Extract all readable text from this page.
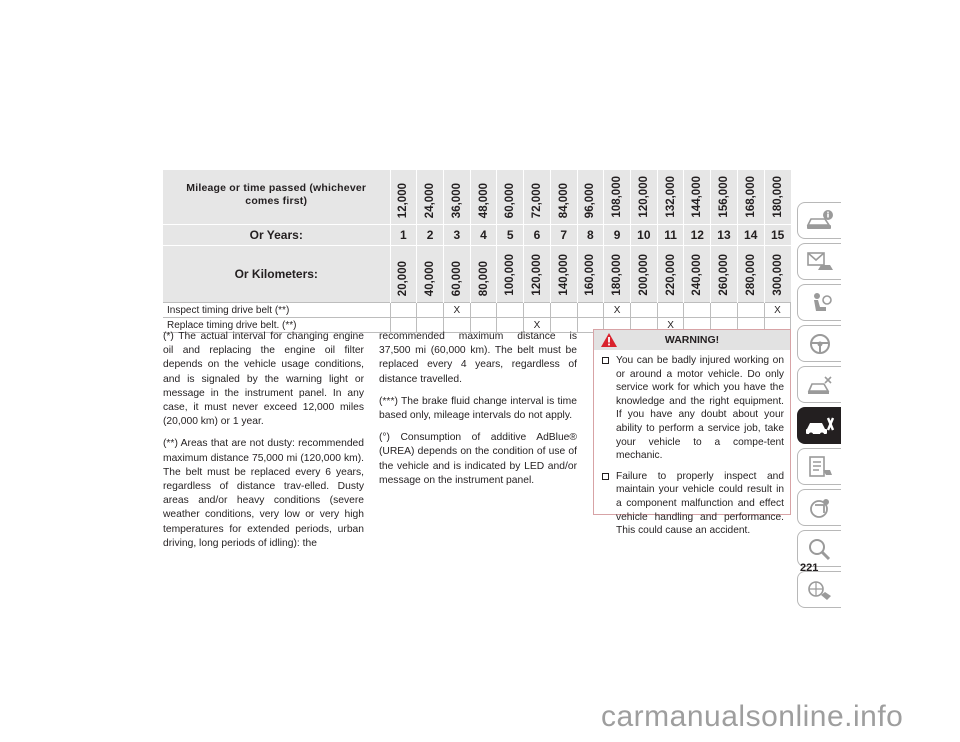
Mileage or time passed (whichever comes first)	12,000	24,000	36,000	48,000	60,000	72,000	84,000	96,000	108,000	120,000	132,000	144,000	156,000	168,000	180,000

Or Years:	1	2	3	4	5	6	7	8	9	10	11	12	13	14	15
Or Kilometers:	20,000	40,000	60,000	80,000	100,000	120,000	140,000	160,000	180,000	200,000	220,000	240,000	260,000	280,000	300,000

Inspect timing drive belt (**)			X						X						X
Replace timing drive belt. (**)						X					X				

(*) The actual interval for changing engine oil and replacing the engine oil filter depends on the vehicle usage conditions, and is signaled by the warning light or message in the instrument panel. In any case, it must never exceed 12,000 miles (20,000 km) or 1 year.

(**) Areas that are not dusty: recommended maximum distance 75,000 mi (120,000 km). The belt must be replaced every 6 years, regardless of distance trav-elled. Dusty areas and/or heavy conditions (severe weather conditions, very low or very high temperatures for extended periods, urban driving, long periods of idling): the

recommended maximum distance is 37,500 mi (60,000 km). The belt must be replaced every 4 years, regardless of distance travelled.

(***) The brake fluid change interval is time based only, mileage intervals do not apply.

(°) Consumption of additive AdBlue® (UREA) depends on the condition of use of the vehicle and is indicated by LED and/or message on the instrument panel.

WARNING!
You can be badly injured working on or around a motor vehicle. Do only service work for which you have the knowledge and the right equipment. If you have any doubt about your ability to perform a service job, take your vehicle to a compe-tent mechanic.
Failure to properly inspect and maintain your vehicle could result in a component malfunction and effect vehicle handling and performance. This could cause an accident.
221
carmanualsonline.info
